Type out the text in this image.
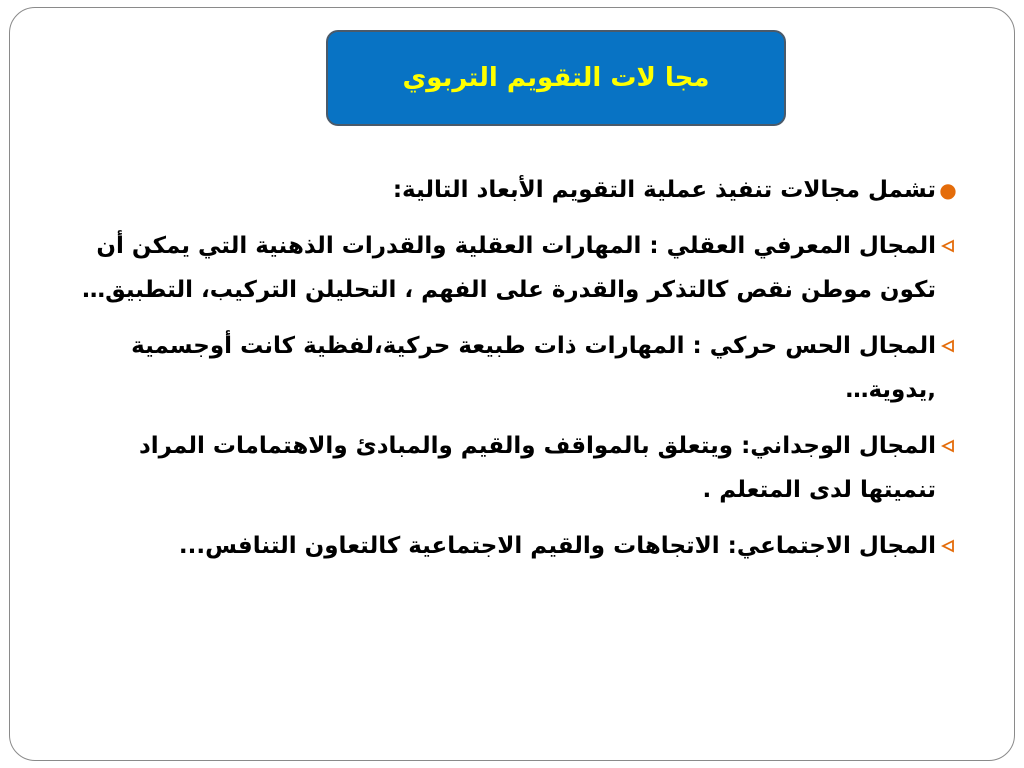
مجا لات التقويم التربوي
●
تشمل مجالات تنفيذ عملية التقويم الأبعاد التالية:
المجال المعرفي العقلي : المهارات العقلية والقدرات الذهنية التي يمكن أن تكون موطن نقص كالتذكر والقدرة على الفهم ، التحليلن التركيب، التطبيق…
المجال الحس حركي : المهارات ذات طبيعة حركية،لفظية كانت أوجسمية ,يدوية…
المجال الوجداني: ويتعلق بالمواقف والقيم والمبادئ والاهتمامات المراد تنميتها لدى المتعلم .
المجال الاجتماعي: الاتجاهات والقيم الاجتماعية كالتعاون التنافس...
